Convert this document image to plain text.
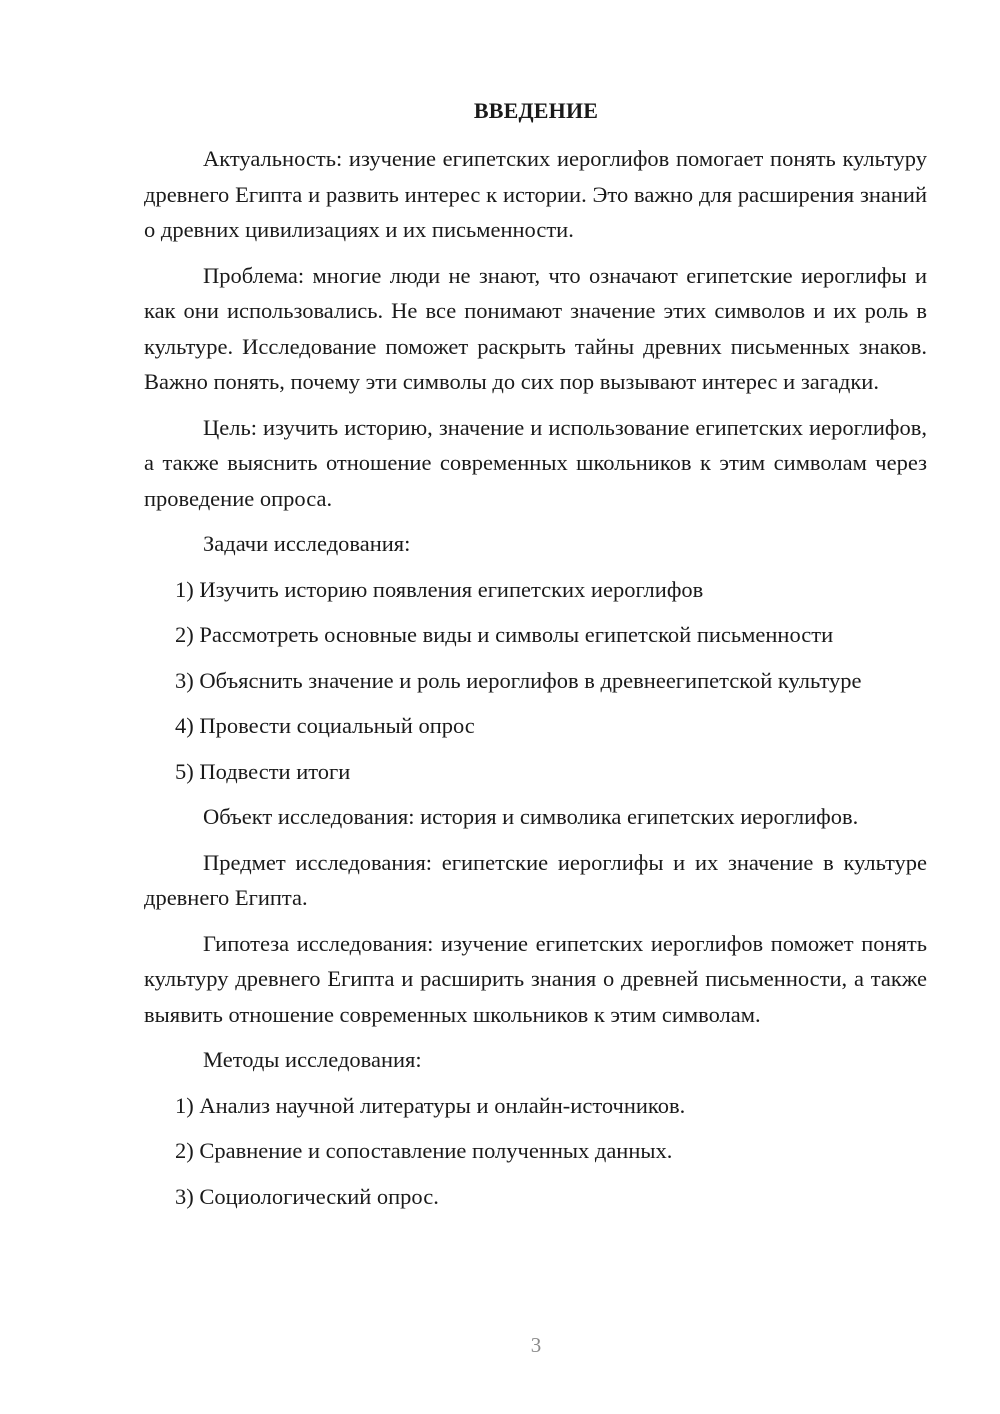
ВВЕДЕНИЕ

Актуальность: изучение египетских иероглифов помогает понять культуру древнего Египта и развить интерес к истории. Это важно для расширения знаний о древних цивилизациях и их письменности.

Проблема: многие люди не знают, что означают египетские иероглифы и как они использовались. Не все понимают значение этих символов и их роль в культуре. Исследование поможет раскрыть тайны древних письменных знаков. Важно понять, почему эти символы до сих пор вызывают интерес и загадки.

Цель: изучить историю, значение и использование египетских иероглифов, а также выяснить отношение современных школьников к этим символам через проведение опроса.

Задачи исследования:

1) Изучить историю появления египетских иероглифов

2) Рассмотреть основные виды и символы египетской письменности

3) Объяснить значение и роль иероглифов в древнеегипетской культуре

4) Провести социальный опрос

5) Подвести итоги

Объект исследования: история и символика египетских иероглифов.

Предмет исследования: египетские иероглифы и их значение в культуре древнего Египта.

Гипотеза исследования: изучение египетских иероглифов поможет понять культуру древнего Египта и расширить знания о древней письменности, а также выявить отношение современных школьников к этим символам.

Методы исследования:

1) Анализ научной литературы и онлайн-источников.

2) Сравнение и сопоставление полученных данных.

3) Социологический опрос.

3
